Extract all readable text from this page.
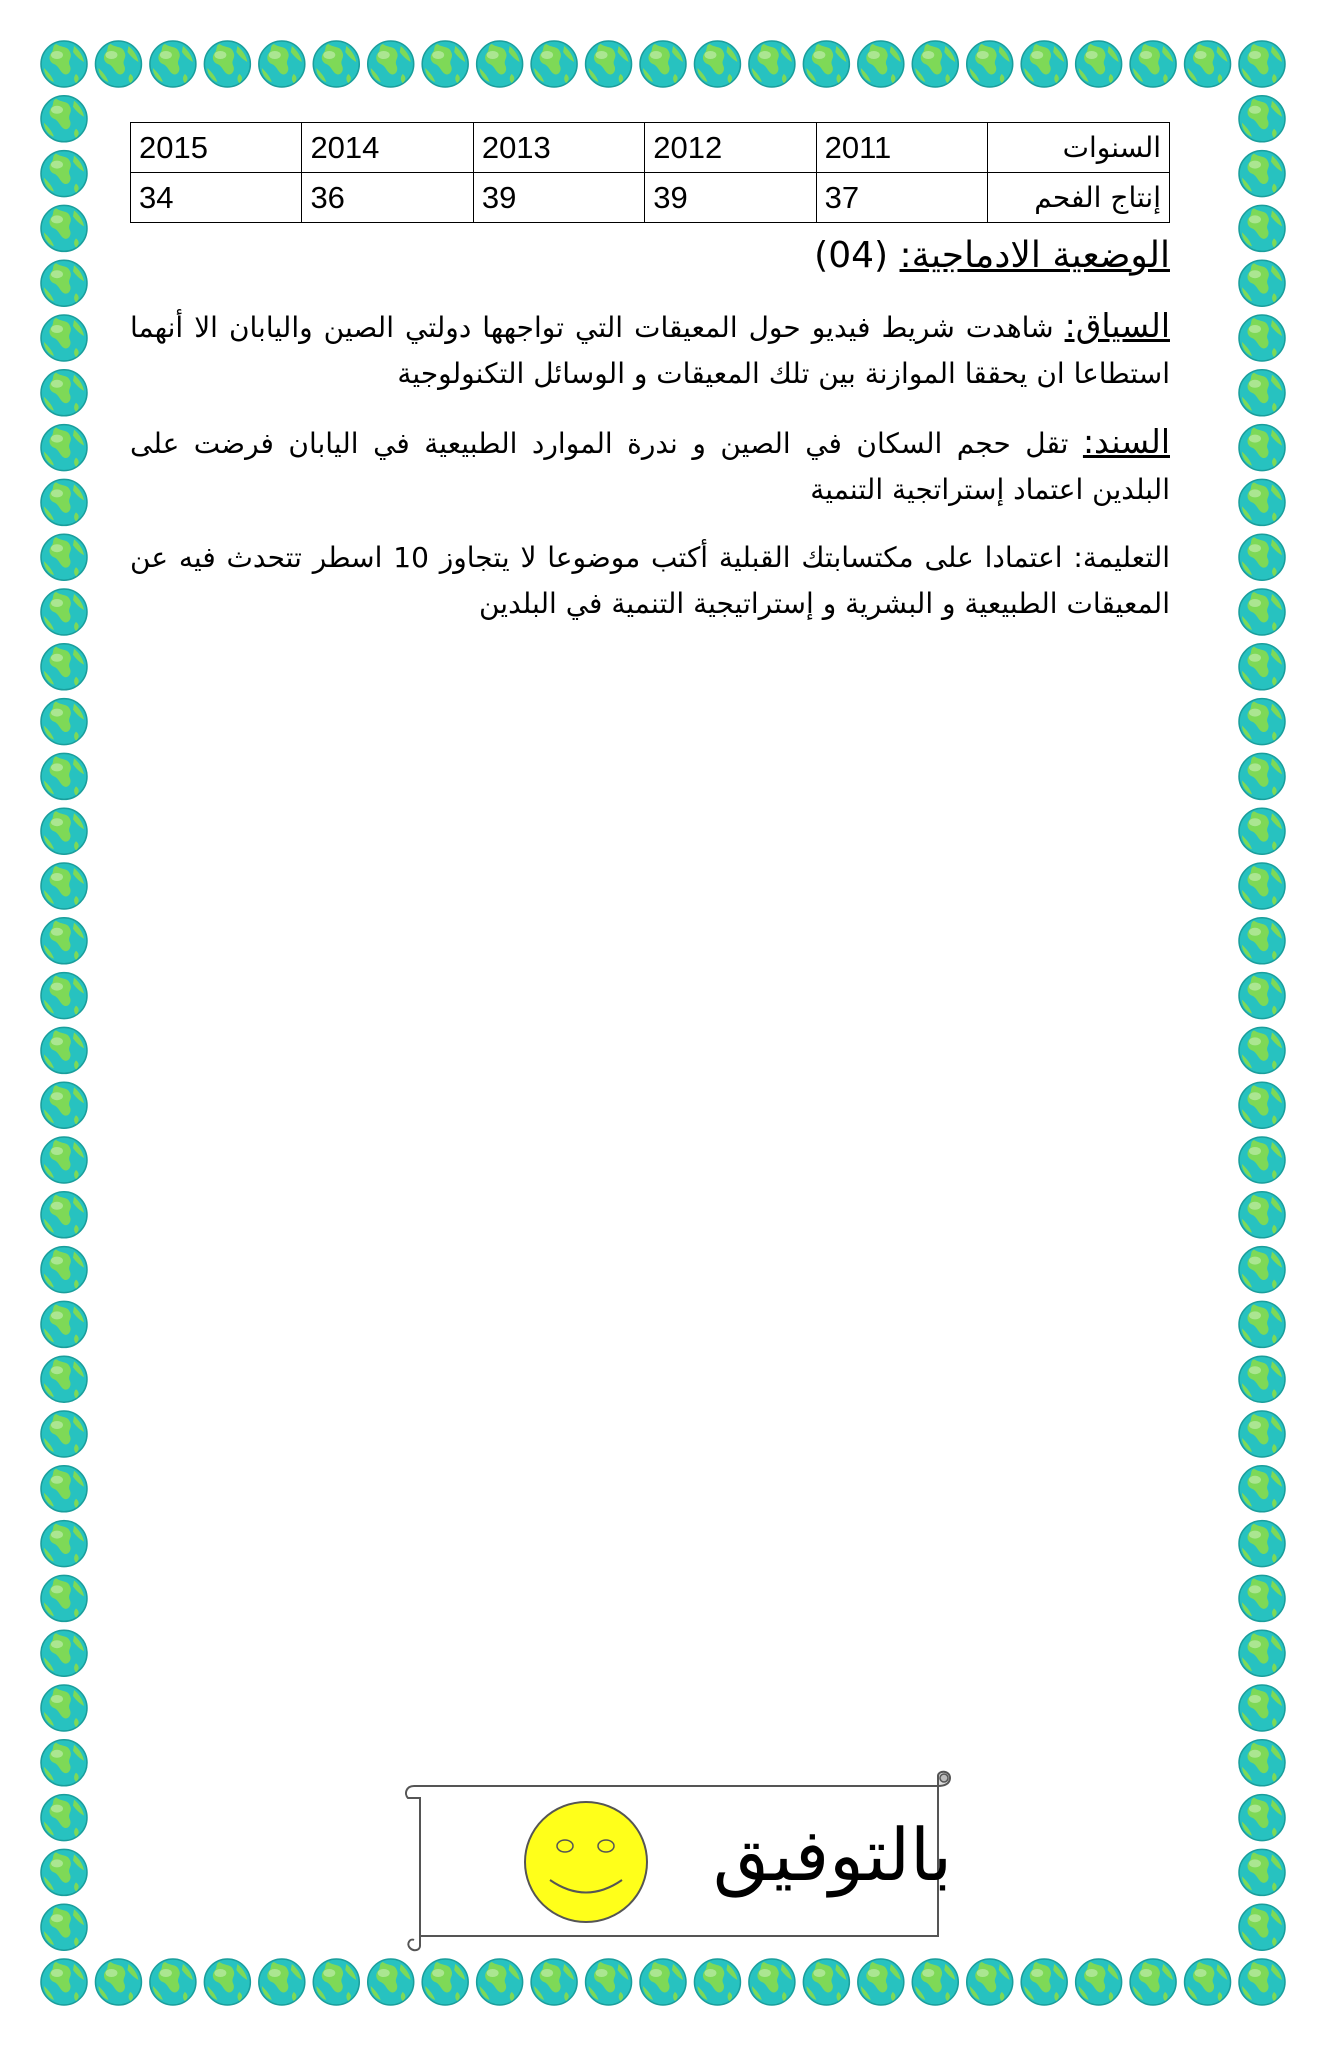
السنوات	2011	2012	2013	2014	2015
إنتاج الفحم	37	39	39	36	34
الوضعية الادماجية: (04)
السياق: شاهدت شريط فيديو حول المعيقات التي تواجهها دولتي الصين واليابان الا أنهما استطاعا ان يحققا الموازنة بين تلك المعيقات و الوسائل التكنولوجية
السند: تقل حجم السكان في الصين و ندرة الموارد الطبيعية في اليابان فرضت على البلدين اعتماد إستراتجية التنمية
التعليمة: اعتمادا على مكتسابتك القبلية أكتب موضوعا لا يتجاوز 10 اسطر تتحدث فيه عن المعيقات الطبيعية و البشرية و إستراتيجية التنمية في البلدين
بالتوفيق
